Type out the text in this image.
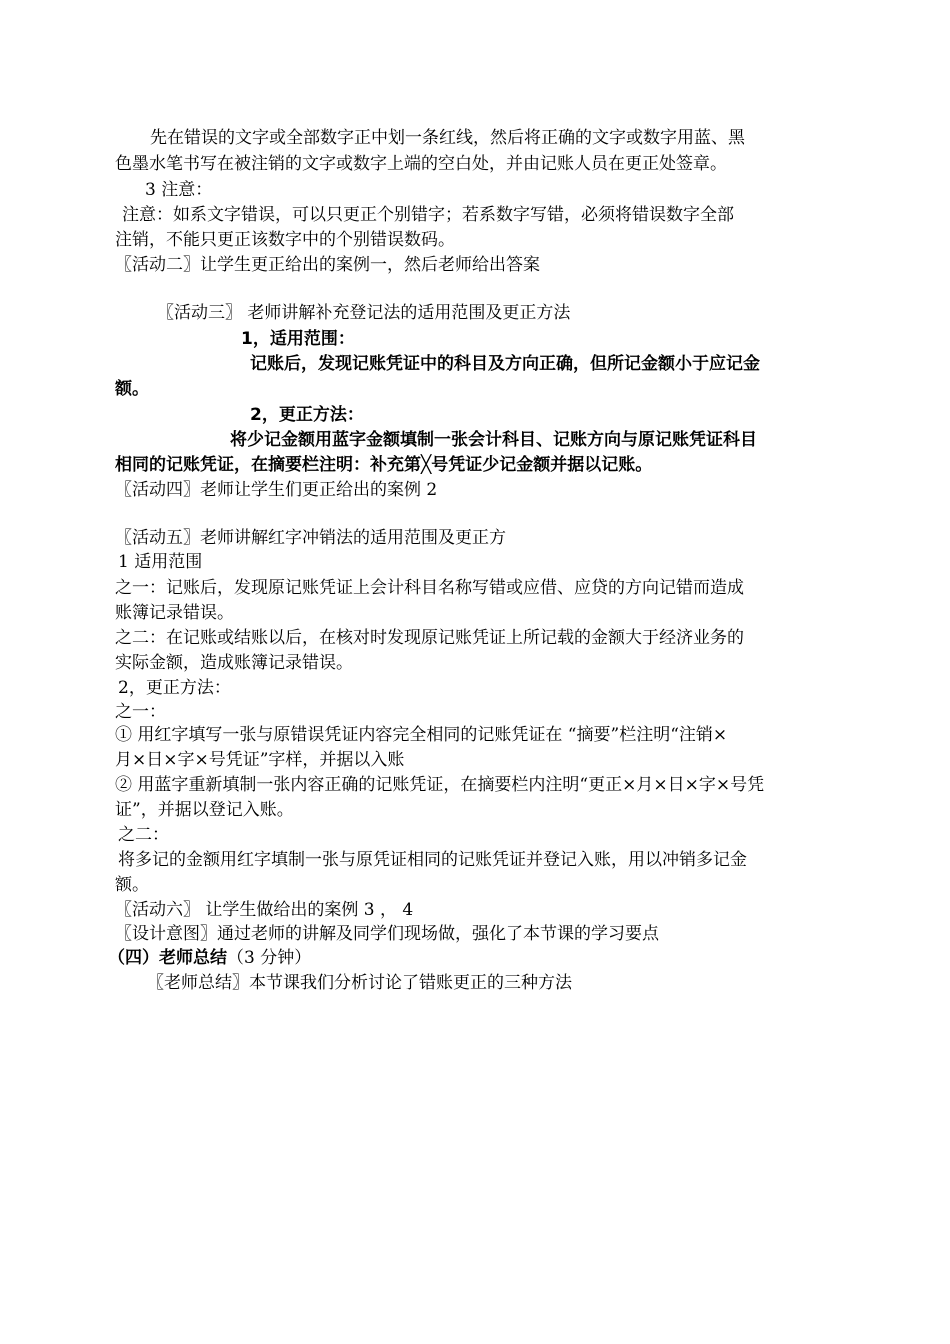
先在错误的文字或全部数字正中划一条红线，然后将正确的文字或数字用蓝、黑
色墨水笔书写在被注销的文字或数字上端的空白处，并由记账人员在更正处签章。
3 注意：
注意：如系文字错误，可以只更正个别错字；若系数字写错，必须将错误数字全部
注销，不能只更正该数字中的个别错误数码。
〖活动二〗让学生更正给出的案例一，然后老师给出答案
〖活动三〗 老师讲解补充登记法的适用范围及更正方法
1，适用范围：
记账后，发现记账凭证中的科目及方向正确，但所记金额小于应记金
额。
2，更正方法：
将少记金额用蓝字金额填制一张会计科目、记账方向与原记账凭证科目
相同的记账凭证，在摘要栏注明：补充第╳号凭证少记金额并据以记账。
〖活动四〗老师让学生们更正给出的案例 2
〖活动五〗老师讲解红字冲销法的适用范围及更正方
1 适用范围
之一：记账后，发现原记账凭证上会计科目名称写错或应借、应贷的方向记错而造成
账簿记录错误。
之二：在记账或结账以后，在核对时发现原记账凭证上所记载的金额大于经济业务的
实际金额，造成账簿记录错误。
2，更正方法：
之一：
① 用红字填写一张与原错误凭证内容完全相同的记账凭证在 “摘要”栏注明“注销×
月×日×字×号凭证”字样，并据以入账
② 用蓝字重新填制一张内容正确的记账凭证，在摘要栏内注明“更正×月×日×字×号凭
证”，并据以登记入账。
之二：
将多记的金额用红字填制一张与原凭证相同的记账凭证并登记入账，用以冲销多记金
额。
〖活动六〗 让学生做给出的案例 3 ， 4
〖设计意图〗通过老师的讲解及同学们现场做，强化了本节课的学习要点
（四）老师总结（3 分钟）
〖老师总结〗本节课我们分析讨论了错账更正的三种方法
